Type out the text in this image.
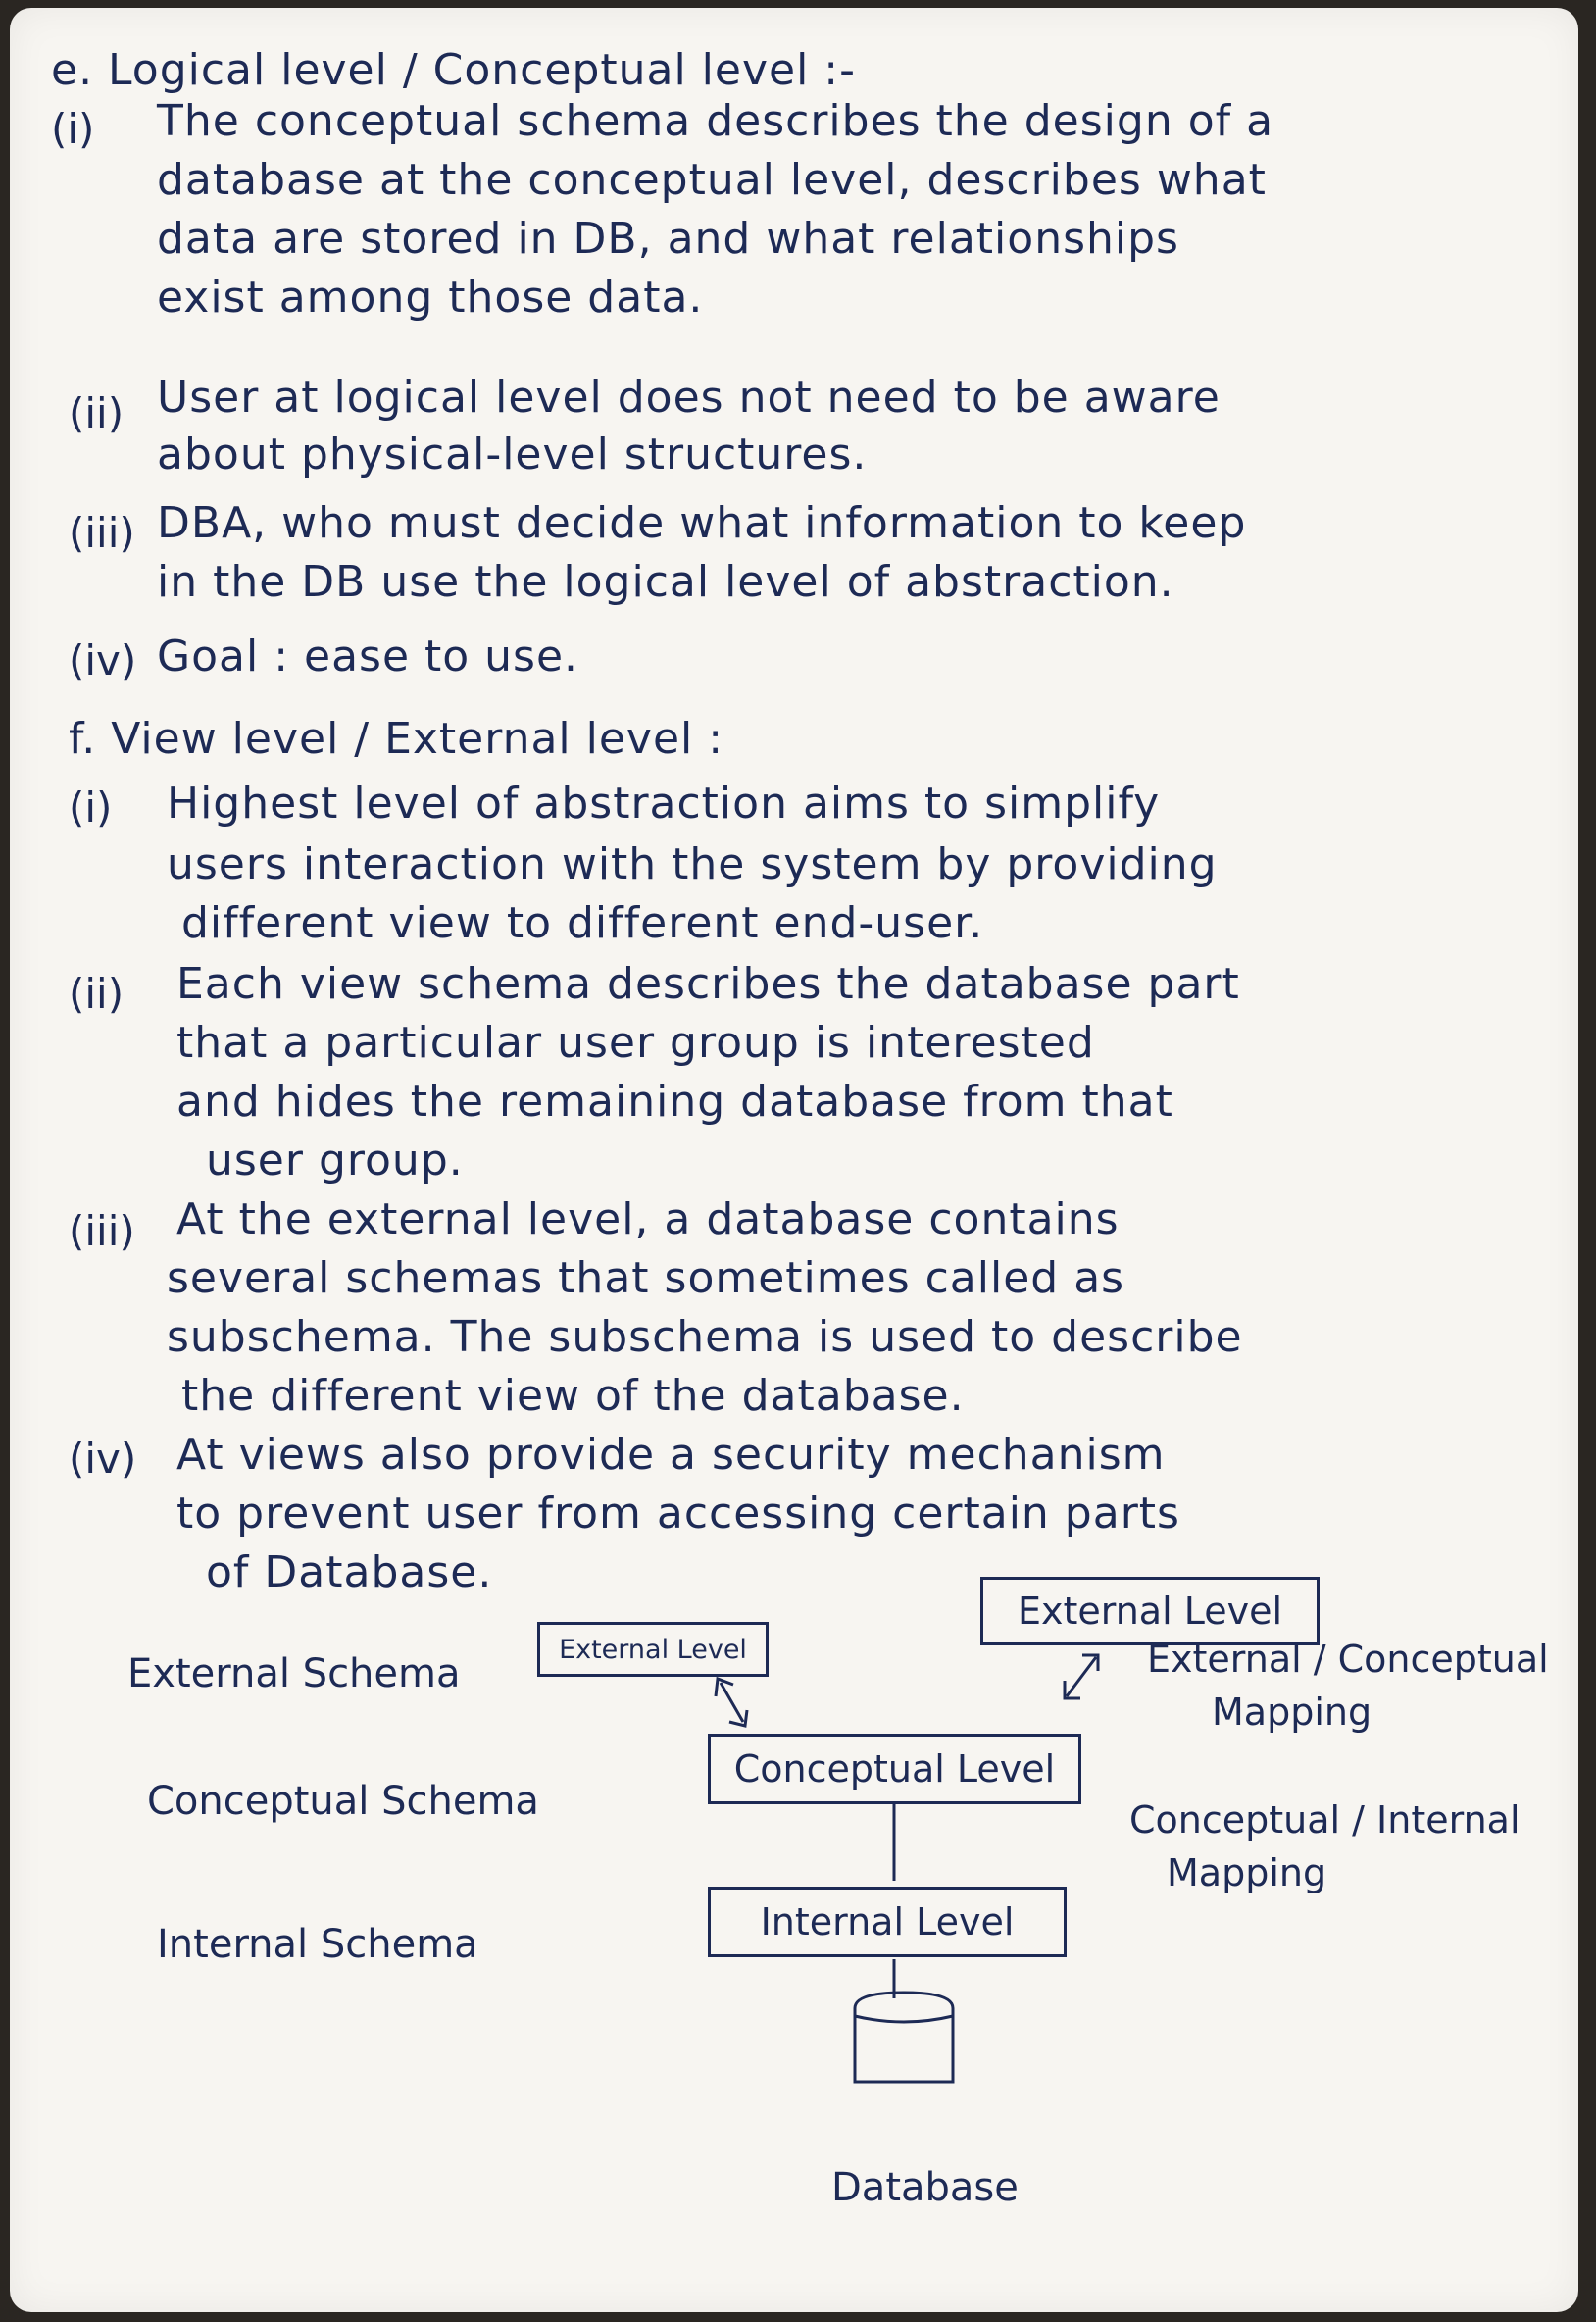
e. Logical level / Conceptual level :-
(i) The conceptual schema describes the design of a
database at the conceptual level, describes what
data are stored in DB, and what relationships
exist among those data.
(ii) User at logical level does not need to be aware
about physical-level structures.
(iii) DBA, who must decide what information to keep
in the DB use the logical level of abstraction.
(iv) Goal : ease to use.
f. View level / External level :
(i) Highest level of abstraction aims to simplify
users interaction with the system by providing
different view to different end-user.
(ii) Each view schema describes the database part
that a particular user group is interested
and hides the remaining database from that
user group.
(iii) At the external level, a database contains
several schemas that sometimes called as
subschema. The subschema is used to describe
the different view of the database.
(iv) At views also provide a security mechanism
to prevent user from accessing certain parts
of Database.
External Schema
Conceptual Schema
Internal Schema
External Level
External Level
Conceptual Level
Internal Level
External / Conceptual
Mapping
Conceptual / Internal
Mapping
Database
